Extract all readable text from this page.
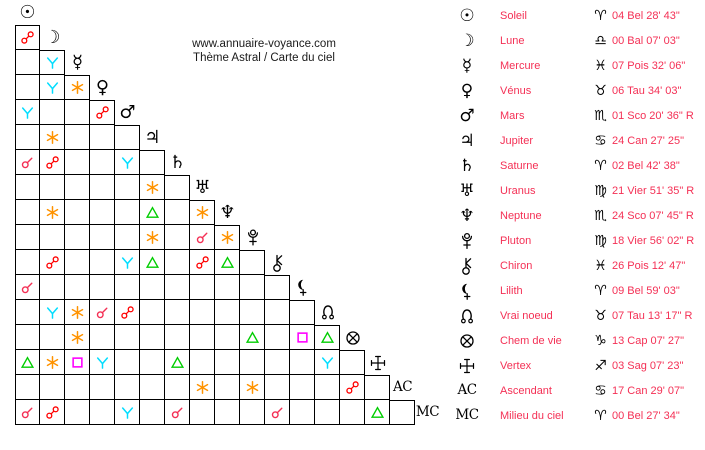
www.annuaire-voyance.com
Thème Astral / Carte du ciel
☉
☽
☿
♀
♂
♃
♄
♅
♆
AC
MC
☉ Soleil	♈ 04 Bel 28' 43"
☽ Lune	♎ 00 Bal 07' 03"
☿	Mercure	♓ 07 Pois 32' 06"
♀ Vénus	♉ 06 Tau 34' 03"
♂ Mars	♏ 01 Sco 20' 36" R
♃ Jupiter	♋ 24 Can 27' 25"
♄ Saturne	♈ 02 Bel 42' 38"
♅ Uranus	♍ 21 Vier 51' 35" R
♆ Neptune	♏ 24 Sco 07' 45" R
Pluton	♍ 18 Vier 56' 02" R
Chiron	♓ 26 Pois 12' 47"
Lilith	♈ 09 Bel 59' 03"
Vrai noeud	♉ 07 Tau 13' 17" R
Chem de vie ♑ 13 Cap 07' 27"
Vertex	♐ 03 Sag 07' 23"
AC Ascendant	♋ 17 Can 29' 07"
MC Milieu du ciel ♈ 00 Bel 27' 34"
